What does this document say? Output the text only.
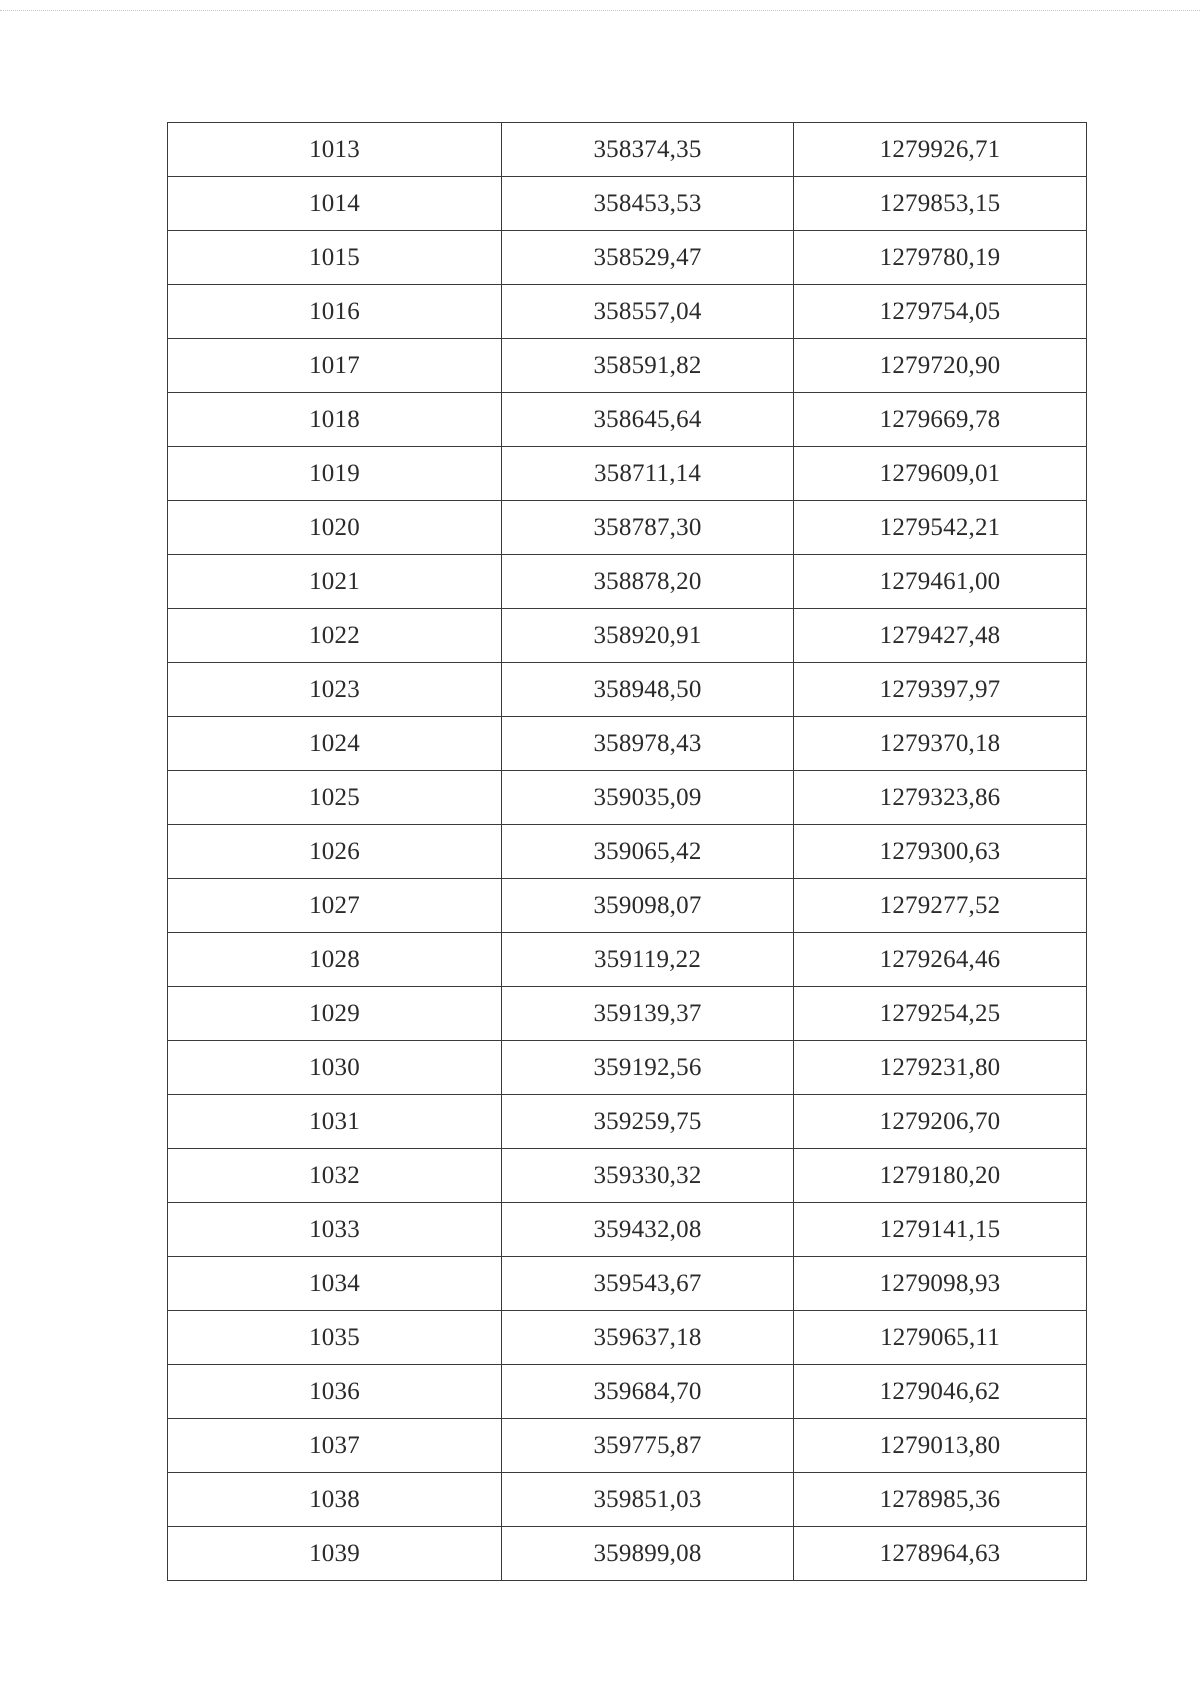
1013	358374,35	1279926,71
1014	358453,53	1279853,15
1015	358529,47	1279780,19
1016	358557,04	1279754,05
1017	358591,82	1279720,90
1018	358645,64	1279669,78
1019	358711,14	1279609,01
1020	358787,30	1279542,21
1021	358878,20	1279461,00
1022	358920,91	1279427,48
1023	358948,50	1279397,97
1024	358978,43	1279370,18
1025	359035,09	1279323,86
1026	359065,42	1279300,63
1027	359098,07	1279277,52
1028	359119,22	1279264,46
1029	359139,37	1279254,25
1030	359192,56	1279231,80
1031	359259,75	1279206,70
1032	359330,32	1279180,20
1033	359432,08	1279141,15
1034	359543,67	1279098,93
1035	359637,18	1279065,11
1036	359684,70	1279046,62
1037	359775,87	1279013,80
1038	359851,03	1278985,36
1039	359899,08	1278964,63
